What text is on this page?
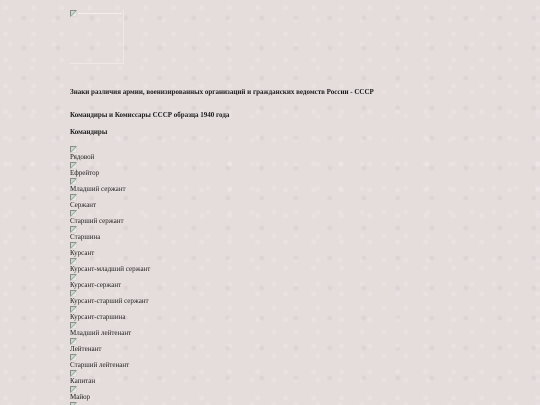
Знаки различия армии, военизированных организаций и гражданских ведомств России - СССР
Командиры и Комиссары СССР образца 1940 года
Командиры
Рядовой
Ефрейтор
Младший сержант
Сержант
Старший сержант
Старшина
Курсант
Курсант-младший сержант
Курсант-сержант
Курсант-старший сержант
Курсант-старшина
Младший лейтенант
Лейтенант
Старший лейтенант
Капитан
Майор
